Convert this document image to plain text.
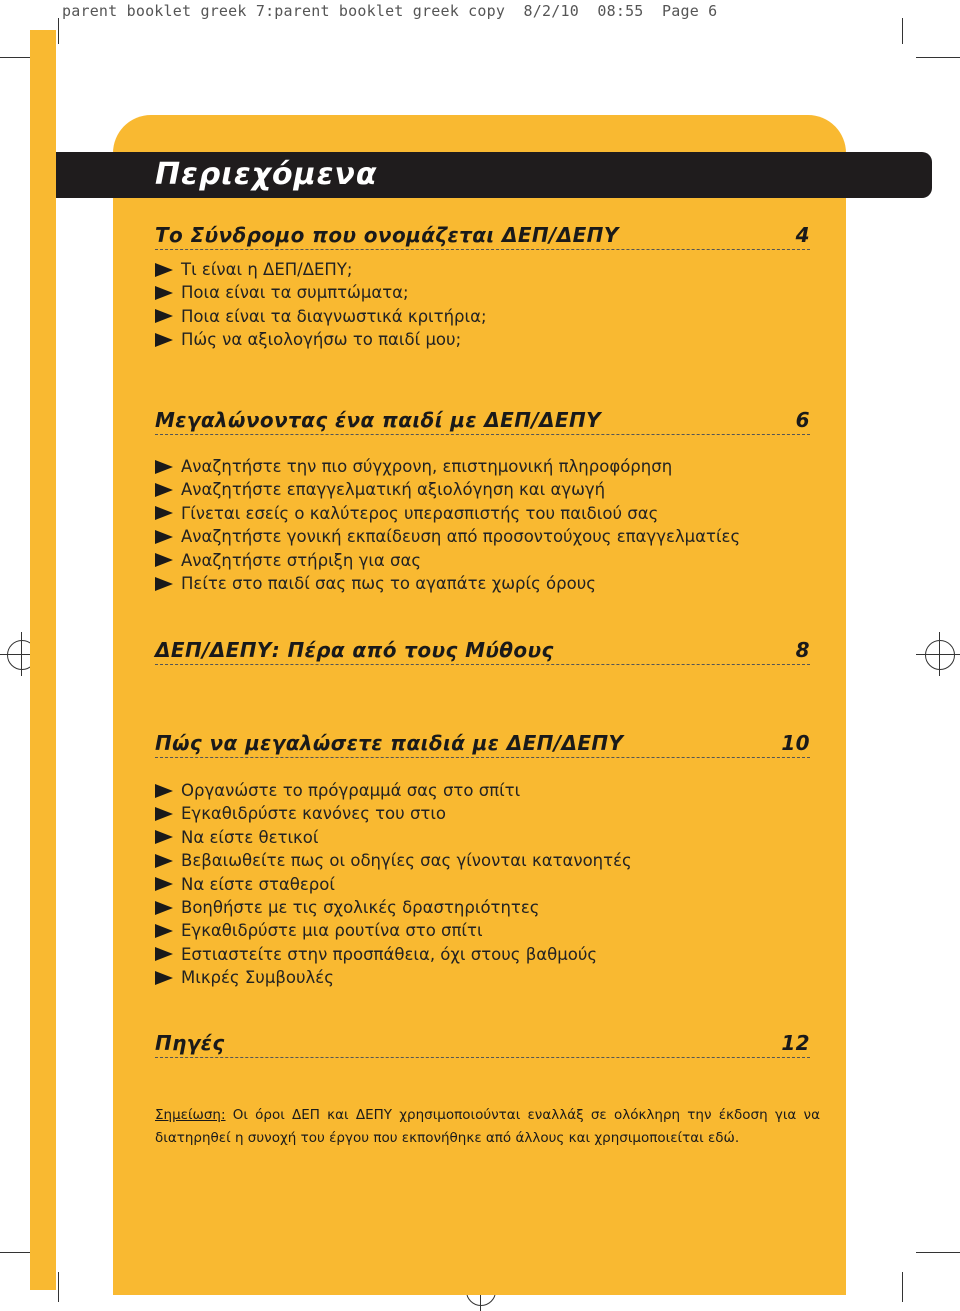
parent booklet greek 7:parent booklet greek copy  8/2/10  08:55  Page 6
Περιεχόμενα
Το Σύνδρομο που ονομάζεται ΔΕΠ/ΔΕΠΥ	4
Τι είναι η ΔΕΠ/ΔΕΠΥ;
Ποια είναι τα συμπτώματα;
Ποια είναι τα διαγνωστικά κριτήρια;
Πώς να αξιολογήσω το παιδί μου;
Μεγαλώνοντας ένα παιδί με ΔΕΠ/ΔΕΠΥ	6
Αναζητήστε την πιο σύγχρονη, επιστημονική πληροφόρηση
Αναζητήστε επαγγελματική αξιολόγηση και αγωγή
Γίνεται εσείς ο καλύτερος υπερασπιστής του παιδιού σας
Αναζητήστε γονική εκπαίδευση από προσοντούχους επαγγελματίες
Αναζητήστε στήριξη για σας
Πείτε στο παιδί σας πως το αγαπάτε χωρίς όρους
ΔΕΠ/ΔΕΠΥ: Πέρα από τους Μύθους	8
Πώς να μεγαλώσετε παιδιά με ΔΕΠ/ΔΕΠΥ	10
Οργανώστε το πρόγραμμά σας στο σπίτι
Εγκαθιδρύστε κανόνες του στιο
Να είστε θετικοί
Βεβαιωθείτε πως οι οδηγίες σας γίνονται κατανοητές
Να είστε σταθεροί
Βοηθήστε με τις σχολικές δραστηριότητες
Εγκαθιδρύστε μια ρουτίνα στο σπίτι
Εστιαστείτε στην προσπάθεια, όχι στους βαθμούς
Μικρές Συμβουλές
Πηγές	12
Σημείωση: Οι όροι ΔΕΠ και ΔΕΠΥ χρησιμοποιούνται εναλλάξ σε ολόκληρη την έκδοση για να διατηρηθεί η συνοχή του έργου που εκπονήθηκε από άλλους και χρησιμοποιείται εδώ.
